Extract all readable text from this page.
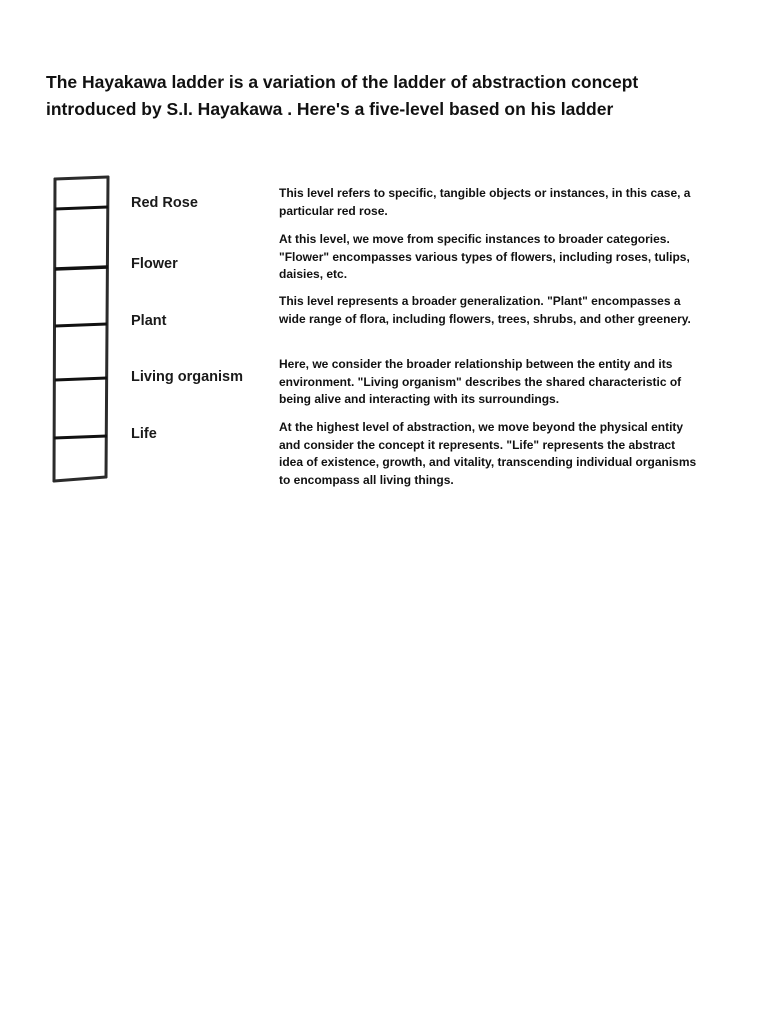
The Hayakawa ladder is a variation of the ladder of abstraction concept
introduced by S.I. Hayakawa . Here's a five-level based on his ladder
Red Rose
Flower
Plant
Living organism
Life

This level refers to specific, tangible objects or instances, in this case, a particular red rose.

At this level, we move from specific instances to broader categories. "Flower" encompasses various types of flowers, including roses, tulips, daisies, etc.

This level represents a broader generalization. "Plant" encompasses a wide range of flora, including flowers, trees, shrubs, and other greenery.

Here, we consider the broader relationship between the entity and its environment. "Living organism" describes the shared characteristic of being alive and interacting with its surroundings.

At the highest level of abstraction, we move beyond the physical entity and consider the concept it represents. "Life" represents the abstract idea of existence, growth, and vitality, transcending individual organisms to encompass all living things.
